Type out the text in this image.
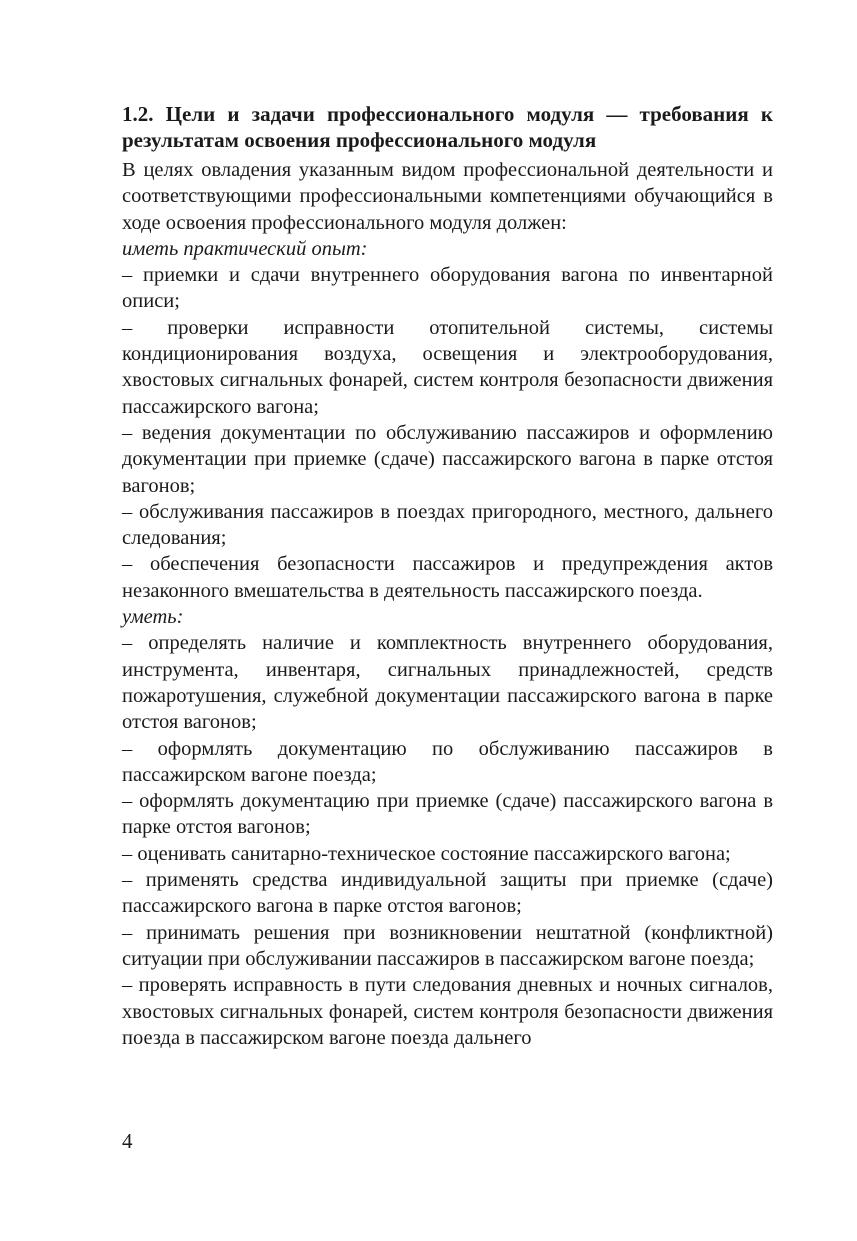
1.2. Цели и задачи профессионального модуля — требования к результатам освоения профессионального модуля

В целях овладения указанным видом профессиональной деятельности и соответствующими профессиональными компетенциями обучающийся в ходе освоения профессионального модуля должен:

иметь практический опыт:

– приемки и сдачи внутреннего оборудования вагона по инвентарной описи;
– проверки исправности отопительной системы, системы кондиционирования воздуха, освещения и электрооборудования, хвостовых сигнальных фонарей, систем контроля безопасности движения пассажирского вагона;
– ведения документации по обслуживанию пассажиров и оформлению документации при приемке (сдаче) пассажирского вагона в парке отстоя вагонов;
– обслуживания пассажиров в поездах пригородного, местного, дальнего следования;
– обеспечения безопасности пассажиров и предупреждения актов незаконного вмешательства в деятельность пассажирского поезда.

уметь:

– определять наличие и комплектность внутреннего оборудования, инструмента, инвентаря, сигнальных принадлежностей, средств пожаротушения, служебной документации пассажирского вагона в парке отстоя вагонов;
– оформлять документацию по обслуживанию пассажиров в пассажирском вагоне поезда;
– оформлять документацию при приемке (сдаче) пассажирского вагона в парке отстоя вагонов;
– оценивать санитарно-техническое состояние пассажирского вагона;
– применять средства индивидуальной защиты при приемке (сдаче) пассажирского вагона в парке отстоя вагонов;
– принимать решения при возникновении нештатной (конфликтной) ситуации при обслуживании пассажиров в пассажирском вагоне поезда;
– проверять исправность в пути следования дневных и ночных сигналов, хвостовых сигнальных фонарей, систем контроля безопасности движения поезда в пассажирском вагоне поезда дальнего
4
